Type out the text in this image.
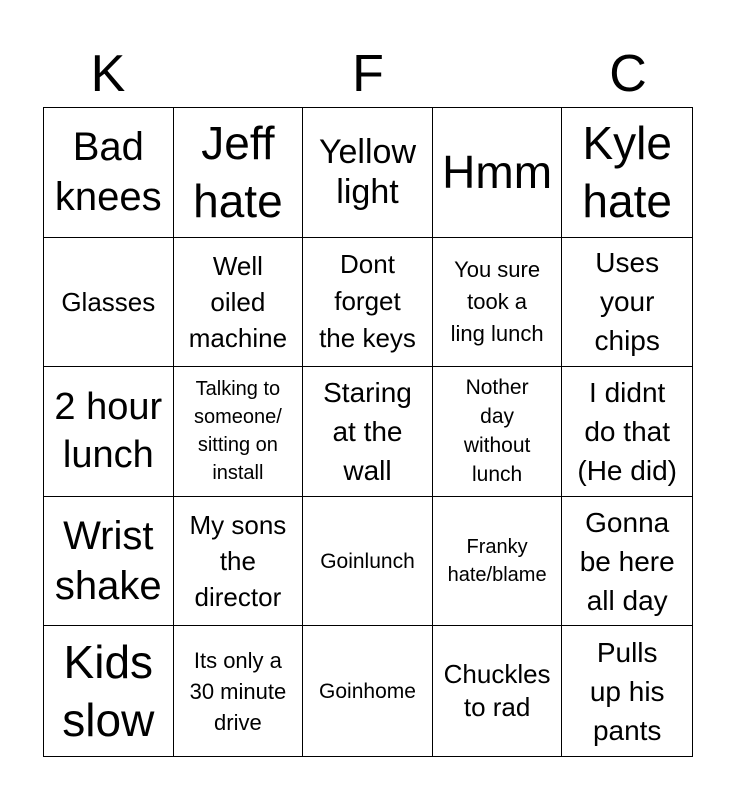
K	F	C
Bad
knees
Jeff
hate
Yellow
light Hmm
Kyle
hate
Glasses
Well
oiled
machine
Dont
forget
the keys
You sure
took a
ling lunch
Uses
your
chips
2 hour
lunch
Talking to
someone/
sitting on
install
Staring
at the
wall
Nother
day
without
lunch
I didnt
do that
(He did)
Wrist
shake
My sons
the
director
Goinlunch
Franky
hate/blame
Gonna
be here
all day
Kids
slow
Its only a
30 minute
drive
Goinhome
Chuckles
to rad
Pulls
up his
pants
